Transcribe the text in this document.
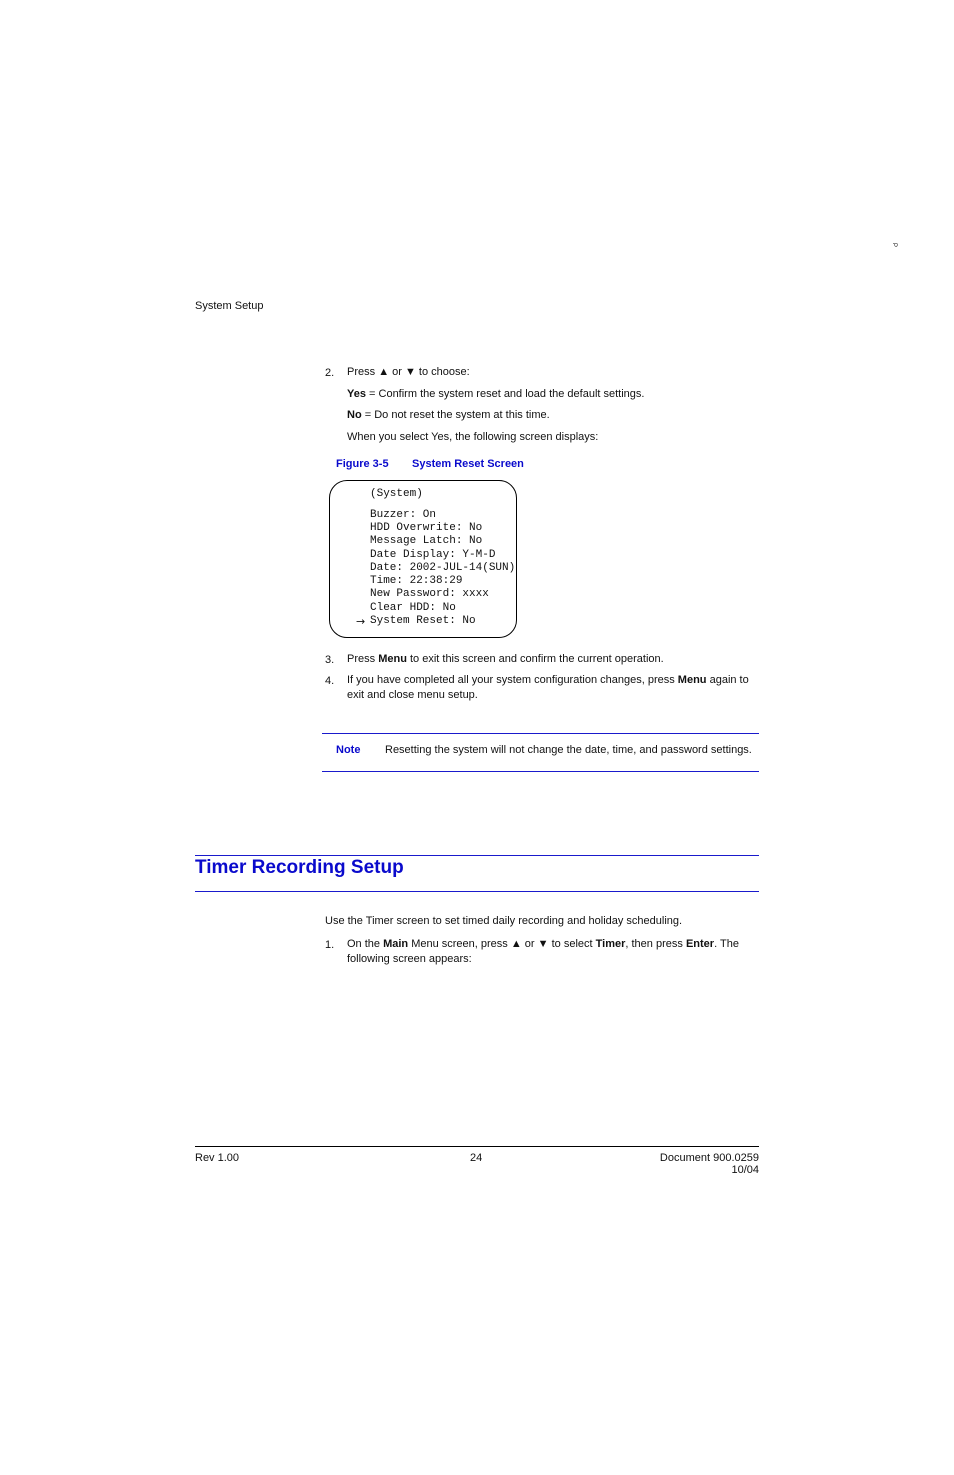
P
System Setup
2. Press ▲ or ▼ to choose:
Yes = Confirm the system reset and load the default settings.
No = Do not reset the system at this time.
When you select Yes, the following screen displays:
Figure 3-5 System Reset Screen
(System)
Buzzer: On
HDD Overwrite: No
Message Latch: No
Date Display: Y-M-D
Date: 2002-JUL-14(SUN)
Time: 22:38:29
New Password: xxxx
Clear HDD: No
→ System Reset: No
3. Press Menu to exit this screen and confirm the current operation.
4. If you have completed all your system configuration changes, press Menu again to
exit and close menu setup.
Note Resetting the system will not change the date, time, and password settings.
Timer Recording Setup
Use the Timer screen to set timed daily recording and holiday scheduling.
1. On the Main Menu screen, press ▲ or ▼ to select Timer, then press Enter. The
following screen appears:
Rev 1.00	24	Document 900.0259
10/04
